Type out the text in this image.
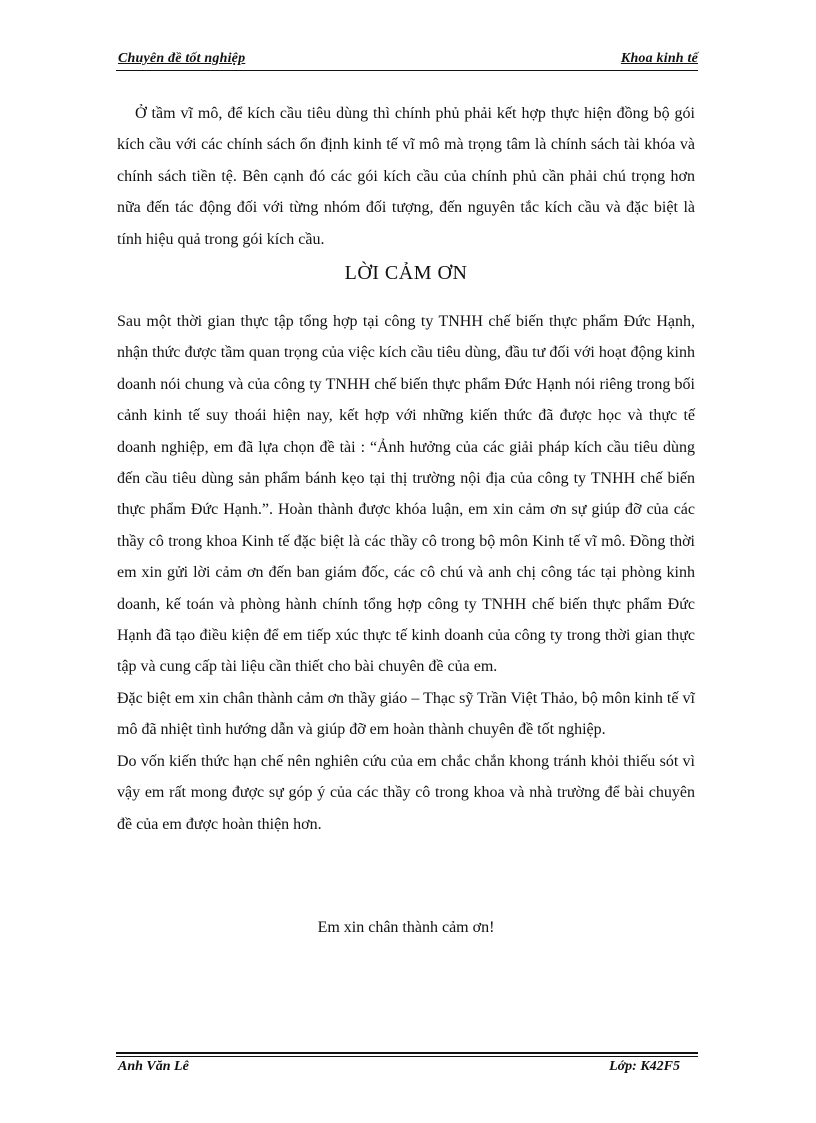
Chuyên đề tốt nghiệp	Khoa kinh tế

Ở tầm vĩ mô, để kích cầu tiêu dùng thì chính phủ phải kết hợp thực hiện đồng bộ gói kích cầu với các chính sách ổn định kinh tế vĩ mô mà trọng tâm là chính sách tài khóa và chính sách tiền tệ. Bên cạnh đó các gói kích cầu của chính phủ cần phải chú trọng hơn nữa đến tác động đối với từng nhóm đối tượng, đến nguyên tắc kích cầu và đặc biệt là tính hiệu quả trong gói kích cầu.

LỜI CẢM ƠN

Sau một thời gian thực tập tổng hợp tại công ty TNHH chế biến thực phẩm Đức Hạnh, nhận thức được tầm quan trọng của việc kích cầu tiêu dùng, đầu tư đối với hoạt động kinh doanh nói chung và của công ty TNHH chế biến thực phẩm Đức Hạnh nói riêng trong bối cảnh kinh tế suy thoái hiện nay, kết hợp với những kiến thức đã được học và thực tế doanh nghiệp, em đã lựa chọn đề tài : “Ảnh hưởng của các giải pháp kích cầu tiêu dùng đến cầu tiêu dùng sản phẩm bánh kẹo tại thị trường nội địa của công ty TNHH chế biến thực phẩm Đức Hạnh.”. Hoàn thành được khóa luận, em xin cảm ơn sự giúp đỡ của các thầy cô trong khoa Kinh tế đặc biệt là các thầy cô trong bộ môn Kinh tế vĩ mô. Đồng thời em xin gửi lời cảm ơn đến ban giám đốc, các cô chú và anh chị công tác tại phòng kinh doanh, kế toán và phòng hành chính tổng hợp công ty TNHH chế biến thực phẩm Đức Hạnh đã tạo điều kiện để em tiếp xúc thực tế kinh doanh của công ty trong thời gian thực tập và cung cấp tài liệu cần thiết cho bài chuyên đề của em.

Đặc biệt em xin chân thành cảm ơn thầy giáo – Thạc sỹ Trần Việt Thảo, bộ môn kinh tế vĩ mô đã nhiệt tình hướng dẫn và giúp đỡ em hoàn thành chuyên đề tốt nghiệp.

Do vốn kiến thức hạn chế nên nghiên cứu của em chắc chắn khong tránh khỏi thiếu sót vì vậy em rất mong được sự góp ý của các thầy cô trong khoa và nhà trường để bài chuyên đề của em được hoàn thiện hơn.

Em xin chân thành cảm ơn!
Anh Văn Lê	Lớp: K42F5
